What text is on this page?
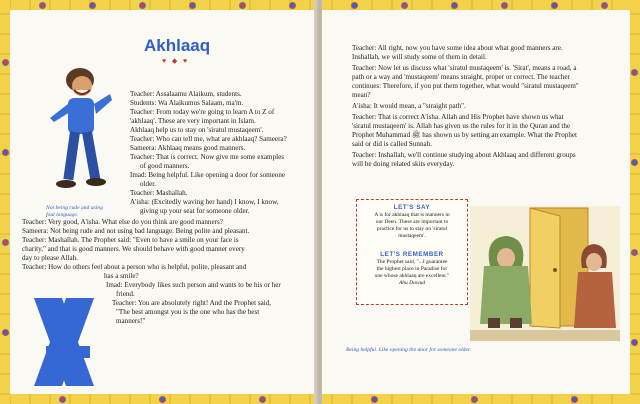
Akhlaaq
♥ ◆ ♥
Not being rude and using
foul language.
Teacher: Assalaamu Alaikum, students.
Students: Wa Alaikumus Salaam, ma'm.
Teacher: From today we're going to learn A to Z of
'akhlaaq'. These are very important in Islam.
Akhlaaq help us to stay on 'siratul mustaqeem'.
Teacher: Who can tell me, what are akhlaaq? Sameera?
Sameera: Akhlaaq means good manners.
Teacher: That is correct. Now give me some examples
of good manners.
Imad: Being helpful. Like opening a door for someone
older.
Teacher: Mashallah.
A'isha: (Excitedly waving her hand) I know, I know,
giving up your seat for someone older.
Teacher: Very good, A'isha. What else do you think are good manners?
Sameera: Not being rude and not using bad language. Being polite and pleasant.
Teacher: Mashallah. The Prophet said: "Even to have a smile on your face is
charity," and that is good manners. We should behave with good manner every
day to please Allah.
Teacher: How do others feel about a person who is helpful, polite, pleasant and
has a smile?
Imad: Everybody likes such person and wants to be his or her
friend.
Teacher: You are absolutely right! And the Prophet said,
"The best amongst you is the one who has the best
manners!"
Teacher: All right, now you have some idea about what good manners are.
Inshallah, we will study some of them in detail.
Teacher: Now let us discuss what 'siratul mustaqeem' is. 'Sirat', means a road, a
path or a way and 'mustaqeem' means straight, proper or correct. The teacher
continues: Therefore, if you put them together, what would "siratul mustaqeem"
mean?
A'isha: It would mean, a "straight path".
Teacher: That is correct A'isha. Allah and His Prophet have shown us what
'siratul mustaqeem' is. Allah has given us the rules for it in the Quran and the
Prophet Muhammad ﷺ has shown us by setting an example. What the Prophet
said or did is called Sunnah.
Teacher: Inshallah, we'll continue studying about Akhlaaq and different groups
will be doing related skits everyday.
LET'S SAY
A is for akhlaaq that is manners in
our Deen. These are important to
practice for us to stay on 'siratul
mustaqeem'.
LET'S REMEMBER
The Prophet said, "...I guarantee
the highest place in Paradise for
one whose akhlaaq are excellent."
Abu Dawud
Being helpful. Like opening the door for someone older.
